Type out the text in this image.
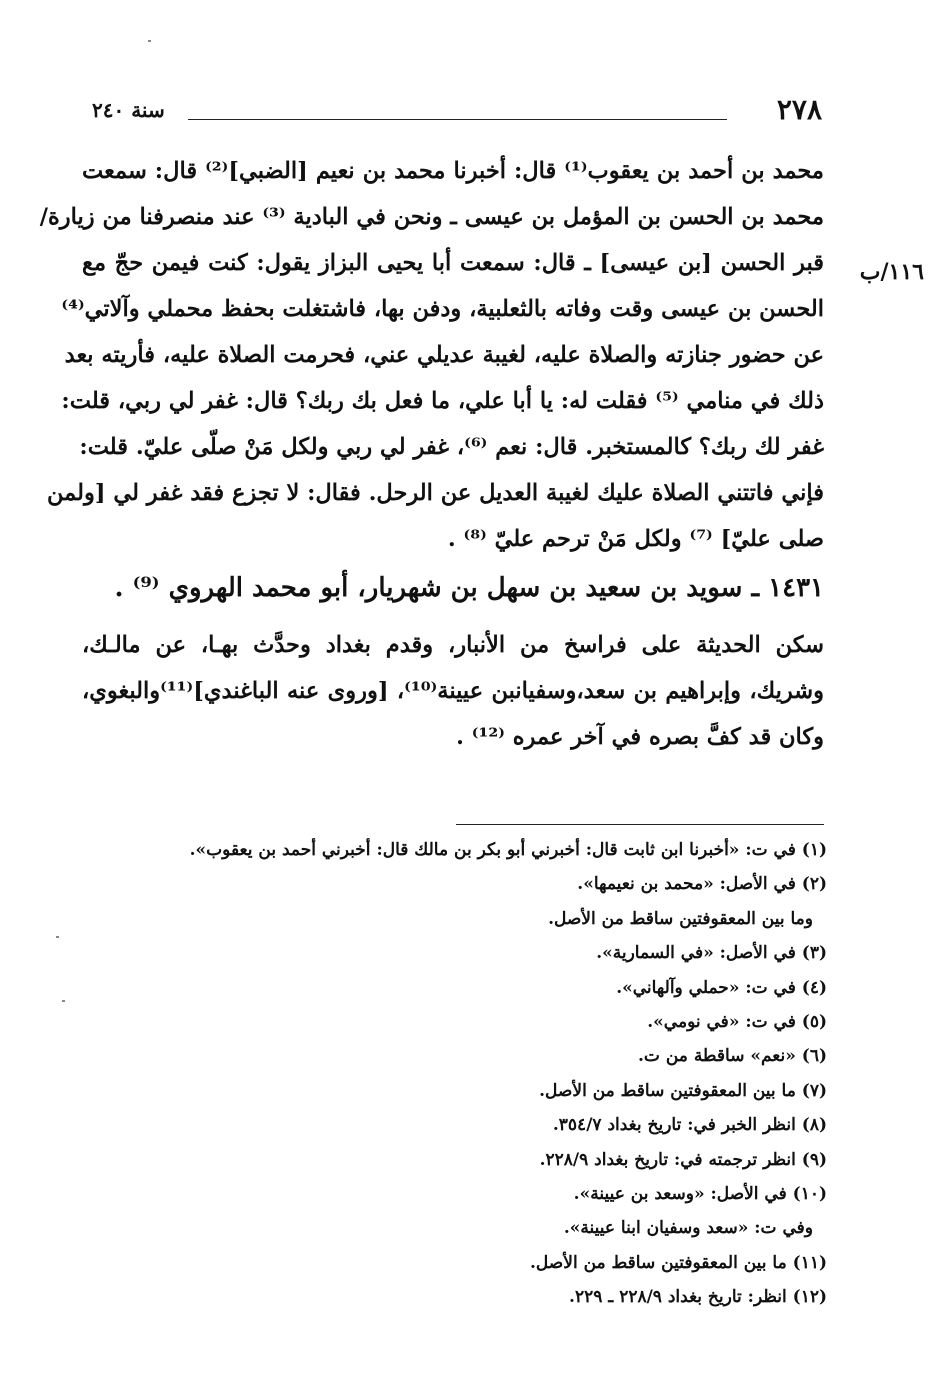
٢٧٨
سنة ٢٤٠
١١٦/ب
محمد بن أحمد بن يعقوب⁽¹⁾ قال: أخبرنا محمد بن نعيم [الضبي]⁽²⁾ قال: سمعت
محمد بن الحسن بن المؤمل بن عيسى ـ ونحن في البادية ⁽³⁾ عند منصرفنا من زيارة/
قبر الحسن [بن عيسى] ـ قال: سمعت أبا يحيى البزاز يقول: كنت فيمن حجّ مع
الحسن بن عيسى وقت وفاته بالثعلبية، ودفن بها، فاشتغلت بحفظ محملي وآلاتي⁽⁴⁾
عن حضور جنازته والصلاة عليه، لغيبة عديلي عني، فحرمت الصلاة عليه، فأريته بعد
ذلك في منامي ⁽⁵⁾ فقلت له: يا أبا علي، ما فعل بك ربك؟ قال: غفر لي ربي، قلت:
غفر لك ربك؟ كالمستخبر. قال: نعم ⁽⁶⁾، غفر لي ربي ولكل مَنْ صلّى عليّ. قلت:
فإني فاتتني الصلاة عليك لغيبة العديل عن الرحل. فقال: لا تجزع فقد غفر لي [ولمن
صلى عليّ] ⁽⁷⁾ ولكل مَنْ ترحم عليّ ⁽⁸⁾ .
١٤٣١ ـ سويد بن سعيد بن سهل بن شهريار، أبو محمد الهروي ⁽⁹⁾ .
سكن الحديثة على فراسخ من الأنبار، وقدم بغداد وحدَّث بهـا، عن مالـك،
وشريك، وإبراهيم بن سعد،وسفيانبن عيينة⁽¹⁰⁾، [وروى عنه الباغندي]⁽¹¹⁾والبغوي،
وكان قد كفَّ بصره في آخر عمره ⁽¹²⁾ .
(١) في ت: «أخبرنا ابن ثابت قال: أخبرني أبو بكر بن مالك قال: أخبرني أحمد بن يعقوب».
(٢) في الأصل: «محمد بن نعيمها».
وما بين المعقوفتين ساقط من الأصل.
(٣) في الأصل: «في السمارية».
(٤) في ت: «حملي وآلهاني».
(٥) في ت: «في نومي».
(٦) «نعم» ساقطة من ت.
(٧) ما بين المعقوفتين ساقط من الأصل.
(٨) انظر الخبر في: تاريخ بغداد ٣٥٤/٧.
(٩) انظر ترجمته في: تاريخ بغداد ٢٢٨/٩.
(١٠) في الأصل: «وسعد بن عيينة».
وفي ت: «سعد وسفيان ابنا عيينة».
(١١) ما بين المعقوفتين ساقط من الأصل.
(١٢) انظر: تاريخ بغداد ٢٢٨/٩ ـ ٢٢٩.
